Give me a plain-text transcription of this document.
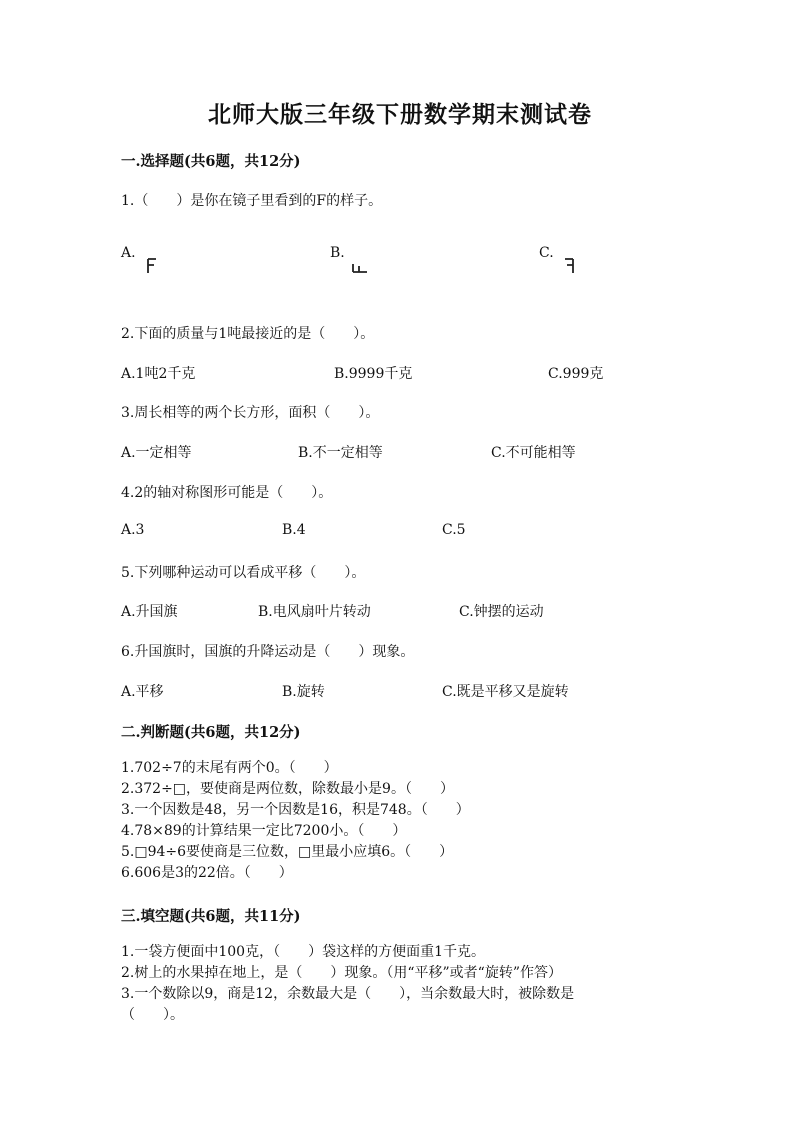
北师大版三年级下册数学期末测试卷
一.选择题(共6题，共12分)
1.（　　）是你在镜子里看到的F的样子。
A.	B.	C.
2.下面的质量与1吨最接近的是（　　）。
A.1吨2千克	B.9999千克	C.999克
3.周长相等的两个长方形，面积（　　）。
A.一定相等	B.不一定相等	C.不可能相等
4.2的轴对称图形可能是（　　）。
A.3	B.4	C.5
5.下列哪种运动可以看成平移（　　）。
A.升国旗	B.电风扇叶片转动	C.钟摆的运动
6.升国旗时，国旗的升降运动是（　　）现象。
A.平移	B.旋转	C.既是平移又是旋转
二.判断题(共6题，共12分)
1.702÷7的末尾有两个0。（　　）
2.372÷□，要使商是两位数，除数最小是9。（　　）
3.一个因数是48，另一个因数是16，积是748。（　　）
4.78×89的计算结果一定比7200小。（　　）
5.□94÷6要使商是三位数，□里最小应填6。（　　）
6.606是3的22倍。（　　）
三.填空题(共6题，共11分)
1.一袋方便面中100克，（　　）袋这样的方便面重1千克。
2.树上的水果掉在地上，是（　　）现象。（用“平移”或者“旋转”作答）
3.一个数除以9，商是12，余数最大是（　　），当余数最大时，被除数是
（　　）。
